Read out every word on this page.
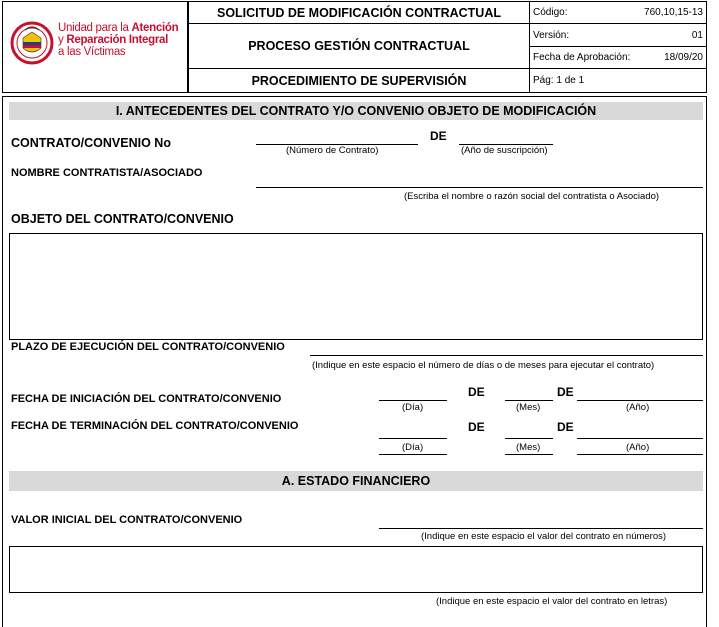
Unidad para la Atención
y Reparación Integral
a las Víctimas
SOLICITUD DE MODIFICACIÓN CONTRACTUAL
PROCESO GESTIÓN CONTRACTUAL
PROCEDIMIENTO DE SUPERVISIÓN
Código:	760,10,15-13
Versión:	01
Fecha de Aprobación:	18/09/20
Pág: 1 de 1
I. ANTECEDENTES DEL CONTRATO Y/O CONVENIO OBJETO DE MODIFICACIÓN
CONTRATO/CONVENIO No	DE
(Número de Contrato)	(Año de suscripción)
NOMBRE CONTRATISTA/ASOCIADO
(Escriba el nombre o razón social del contratista o Asociado)
OBJETO DEL CONTRATO/CONVENIO
PLAZO DE EJECUCIÓN DEL CONTRATO/CONVENIO
(Indique en este espacio el número de días o de meses para ejecutar el contrato)
FECHA DE INICIACIÓN DEL CONTRATO/CONVENIO	DE	DE
(Día)	(Mes)	(Año)
FECHA DE TERMINACIÓN DEL CONTRATO/CONVENIO	DE	DE
(Día)	(Mes)	(Año)
A. ESTADO FINANCIERO
VALOR INICIAL DEL CONTRATO/CONVENIO
(Indique en este espacio el valor del contrato en números)
(Indique en este espacio el valor del contrato en letras)
